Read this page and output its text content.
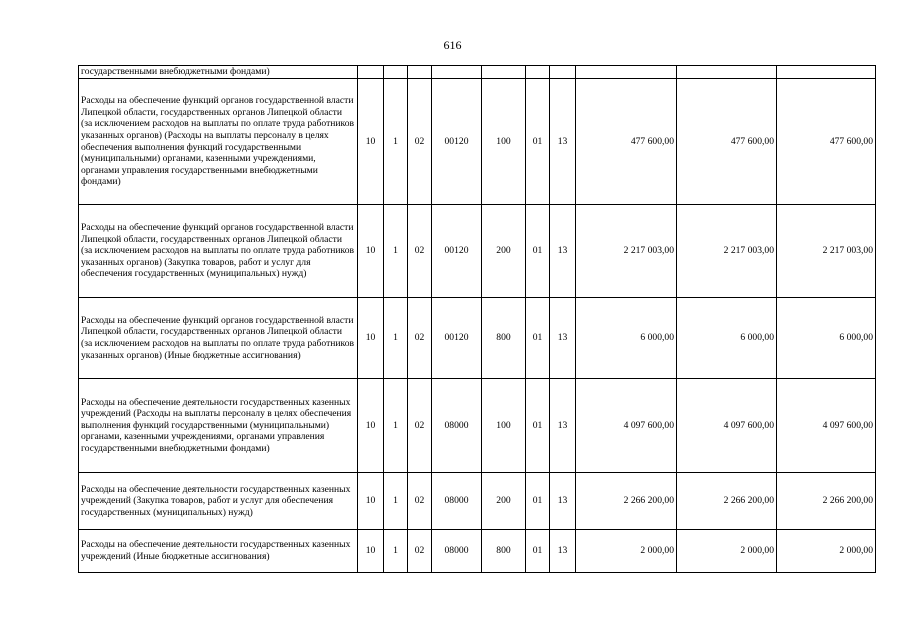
616
государственными внебюджетными фондами)										
Расходы на обеспечение функций органов государственной власти Липецкой области, государственных органов Липецкой области (за исключением расходов на выплаты по оплате труда работников указанных органов) (Расходы на выплаты персоналу в целях обеспечения выполнения функций государственными (муниципальными) органами, казенными учреждениями, органами управления государственными внебюджетными фондами)	10	1	02	00120	100	01	13	477 600,00	477 600,00	477 600,00
Расходы на обеспечение функций органов государственной власти Липецкой области, государственных органов Липецкой области (за исключением расходов на выплаты по оплате труда работников указанных органов) (Закупка товаров, работ и услуг для обеспечения государственных (муниципальных) нужд)	10	1	02	00120	200	01	13	2 217 003,00	2 217 003,00	2 217 003,00
Расходы на обеспечение функций органов государственной власти Липецкой области, государственных органов Липецкой области (за исключением расходов на выплаты по оплате труда работников указанных органов) (Иные бюджетные ассигнования)	10	1	02	00120	800	01	13	6 000,00	6 000,00	6 000,00
Расходы на обеспечение деятельности государственных казенных учреждений (Расходы на выплаты персоналу в целях обеспечения выполнения функций государственными (муниципальными) органами, казенными учреждениями, органами управления государственными внебюджетными фондами)	10	1	02	08000	100	01	13	4 097 600,00	4 097 600,00	4 097 600,00
Расходы на обеспечение деятельности государственных казенных учреждений (Закупка товаров, работ и услуг для обеспечения государственных (муниципальных) нужд)	10	1	02	08000	200	01	13	2 266 200,00	2 266 200,00	2 266 200,00
Расходы на обеспечение деятельности государственных казенных учреждений (Иные бюджетные ассигнования)	10	1	02	08000	800	01	13	2 000,00	2 000,00	2 000,00
